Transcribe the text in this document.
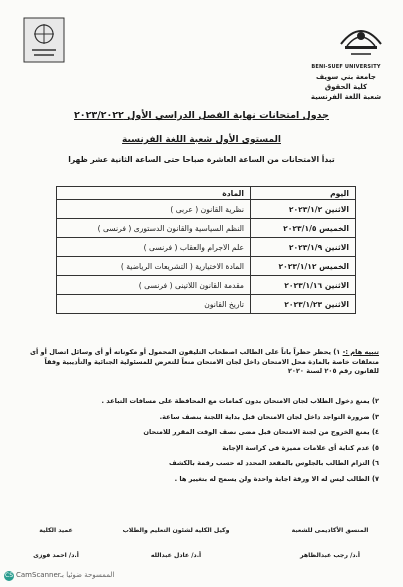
BENI-SUEF UNIVERSITY
جامعة بني سويف
كلية الحقوق
شعبة اللغة الفرنسية
جدول امتحانات نهاية الفصل الدراسي الأول ٢٠٢٣/٢٠٢٢
المستوى الأول شعبة اللغة الفرنسية
تبدأ الامتحانات من الساعة العاشرة صباحا حتى الساعة الثانية عشر ظهرا
اليوم	المادة
الاثنين ٢٠٢٣/١/٢	نظرية القانون ( عربى )
الخميس ٢٠٢٣/١/٥	النظم السياسية والقانون الدستورى ( فرنسى )
الاثنين ٢٠٢٣/١/٩	علم الاجرام والعقاب ( فرنسى )
الخميس ٢٠٢٣/١/١٢	المادة الاختيارية ( التشريعات الرياضية )
الاثنين ٢٠٢٣/١/١٦	مقدمة القانون اللاتينى ( فرنسى )
الاثنين ٢٠٢٣/١/٢٣	تاريخ القانون
تنبيه هام :- ١) يحظر حظراً باتاً على الطالب اصطحاب التليفون المحمول أو مكوناته أو أى وسائل اتصال أو أى متعلقات خاصة بالمادة محل الامتحان داخل لجان الامتحان منعاً للتعرض للمسئولية الجنائية والتأديبية وفقاً للقانون رقم ٢٠٥ لسنة ٢٠٢٠
٢) يمنع دخول الطلاب لجان الامتحان بدون كمامات مع المحافظة على مسافات التباعد .
٣) ضرورة التواجد داخل لجان الامتحان قبل بداية اللجنة بنصف ساعة.
٤) يمنع الخروج من لجنة الامتحان قبل مضى نصف الوقت المقرر للامتحان
٥) عدم كتابة أى علامات مميزة فى كراسة الإجابة
٦) التزام الطالب بالجلوس بالمقعد المحدد له حسب رقمة بالكشف
٧) الطالب ليس له الا ورقة اجابة واحدة ولن يسمح له بتغيير ها .
المنسق الأكاديمى للشعبة
أ.د/ رجب عبدالظاهر
وكيل الكلية لشئون التعليم والطلاب
أ.د/ عادل عبدالله
عميد الكلية
أ.د/ احمد فوزى
CS CamScanner الممسوحة ضوئيا بـ
